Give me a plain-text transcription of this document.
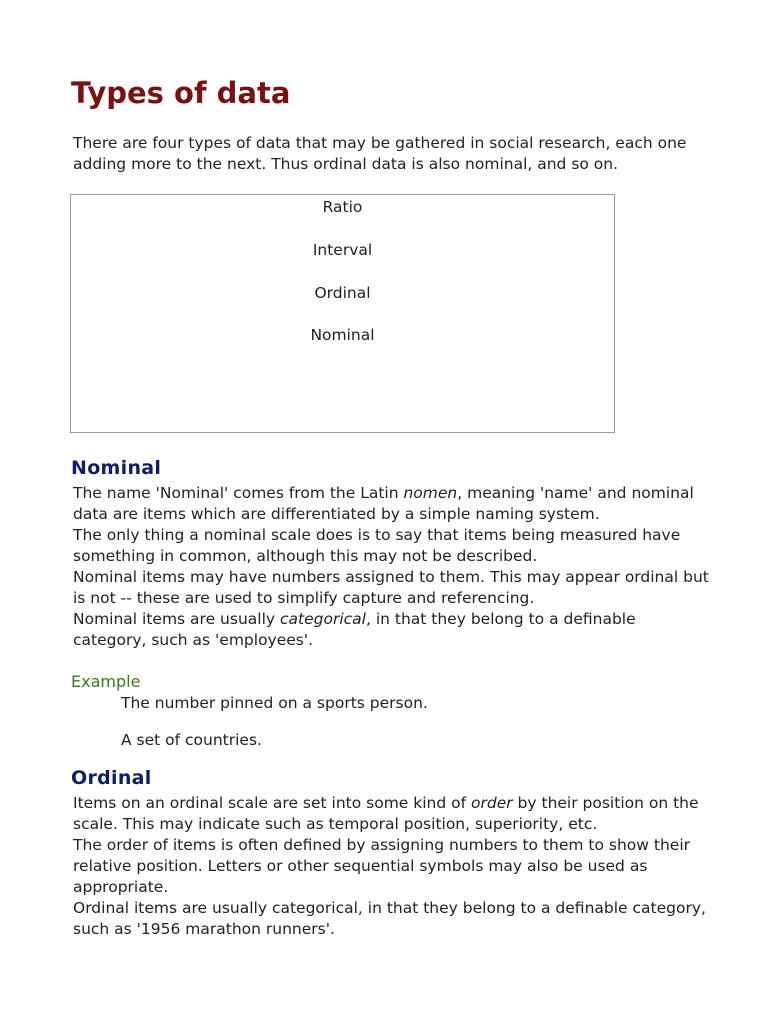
Types of data

There are four types of data that may be gathered in social research, each one adding more to the next. Thus ordinal data is also nominal, and so on.

Ratio
Interval
Ordinal
Nominal
Nominal

The name 'Nominal' comes from the Latin nomen, meaning 'name' and nominal data are items which are differentiated by a simple naming system.

The only thing a nominal scale does is to say that items being measured have something in common, although this may not be described.

Nominal items may have numbers assigned to them. This may appear ordinal but is not -- these are used to simplify capture and referencing.

Nominal items are usually categorical, in that they belong to a definable category, such as 'employees'.

Example

The number pinned on a sports person.

A set of countries.

Ordinal

Items on an ordinal scale are set into some kind of order by their position on the scale. This may indicate such as temporal position, superiority, etc.

The order of items is often defined by assigning numbers to them to show their relative position. Letters or other sequential symbols may also be used as appropriate.

Ordinal items are usually categorical, in that they belong to a definable category, such as '1956 marathon runners'.
